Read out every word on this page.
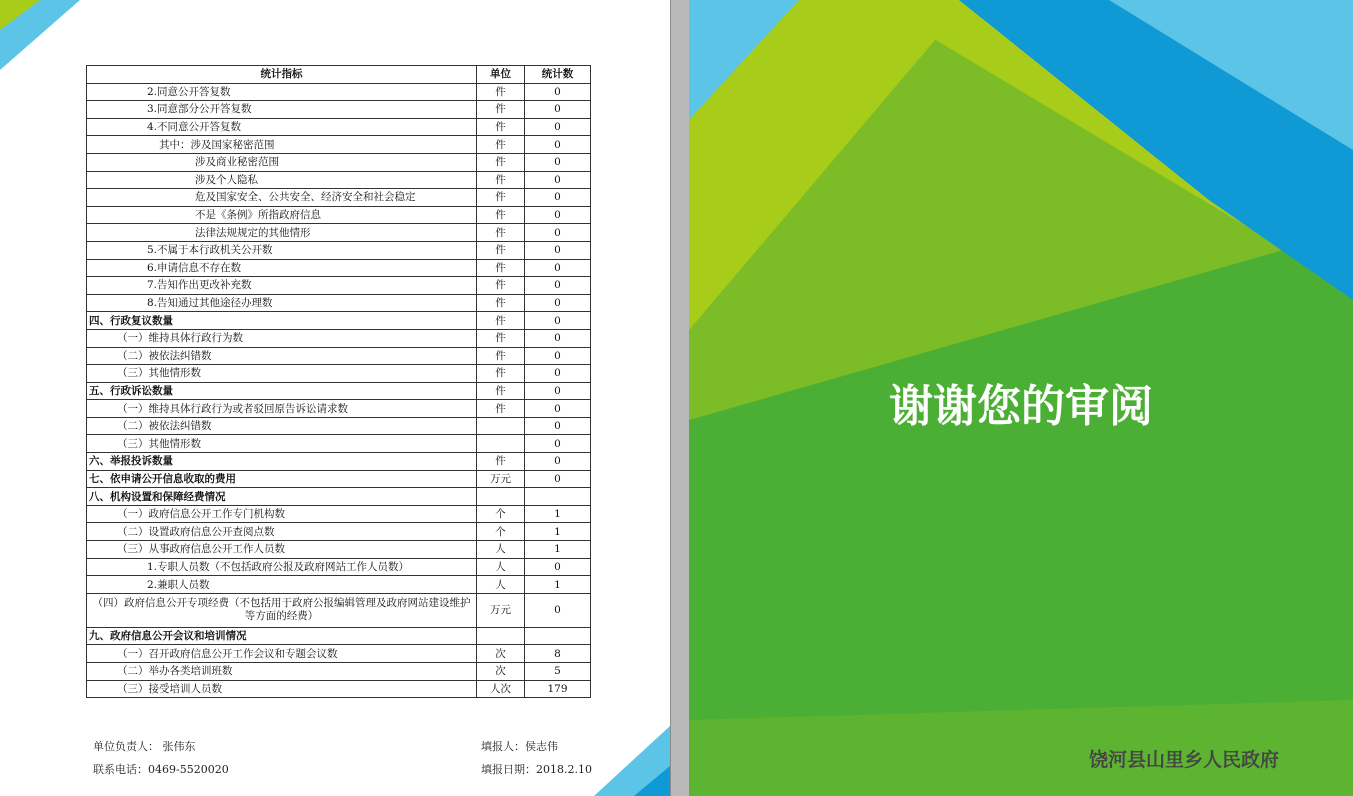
统计指标	单位	统计数
2.同意公开答复数	件	0
3.同意部分公开答复数	件	0
4.不同意公开答复数	件	0
其中：涉及国家秘密范围	件	0
涉及商业秘密范围	件	0
涉及个人隐私	件	0
危及国家安全、公共安全、经济安全和社会稳定	件	0
不是《条例》所指政府信息	件	0
法律法规规定的其他情形	件	0
5.不属于本行政机关公开数	件	0
6.申请信息不存在数	件	0
7.告知作出更改补充数	件	0
8.告知通过其他途径办理数	件	0
四、行政复议数量	件	0
（一）维持具体行政行为数	件	0
（二）被依法纠错数	件	0
（三）其他情形数	件	0
五、行政诉讼数量	件	0
（一）维持具体行政行为或者驳回原告诉讼请求数	件	0
（二）被依法纠错数		0
（三）其他情形数		0
六、举报投诉数量	件	0
七、依申请公开信息收取的费用	万元	0
八、机构设置和保障经费情况		
（一）政府信息公开工作专门机构数	个	1
（二）设置政府信息公开查阅点数	个	1
（三）从事政府信息公开工作人员数	人	1
1.专职人员数（不包括政府公报及政府网站工作人员数）	人	0
2.兼职人员数	人	1
（四）政府信息公开专项经费（不包括用于政府公报编辑管理及政府网站建设维护等方面的经费）	万元	0
九、政府信息公开会议和培训情况		
（一）召开政府信息公开工作会议和专题会议数	次	8
（二）举办各类培训班数	次	5
（三）接受培训人员数	人次	179
单位负责人： 张伟东	填报人：侯志伟
联系电话：0469-5520020	填报日期：2018.2.10
谢谢您的审阅
饶河县山里乡人民政府
